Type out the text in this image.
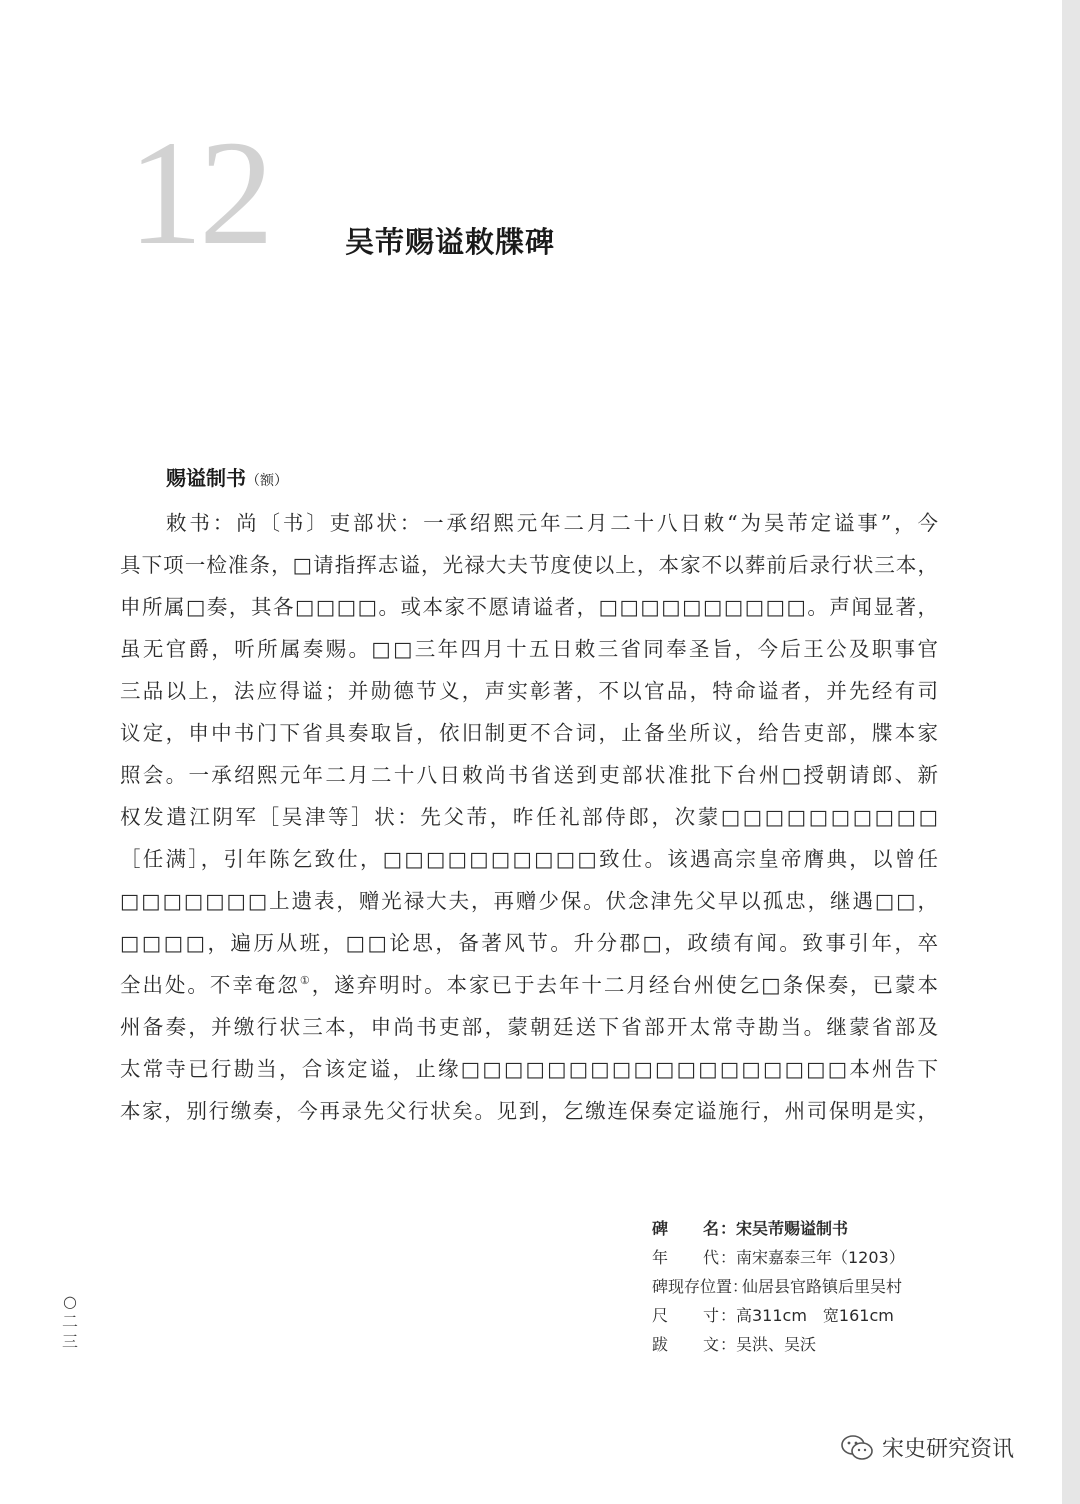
12	吴芾赐谥敕牒碑
赐谥制书（额）
敕书：尚〔书〕吏部状：一承绍熙元年二月二十八日敕“为吴芾定谥事”，今
具下项一检准条，□请指挥志谥，光禄大夫节度使以上，本家不以葬前后录行状三本，
申所属□奏，其各□□□□。或本家不愿请谥者，□□□□□□□□□□。声闻显著，
虽无官爵，听所属奏赐。□□三年四月十五日敕三省同奉圣旨，今后王公及职事官
三品以上，法应得谥；并勋德节义，声实彰著，不以官品，特命谥者，并先经有司
议定，申中书门下省具奏取旨，依旧制更不合词，止备坐所议，给告吏部，牒本家
照会。一承绍熙元年二月二十八日敕尚书省送到吏部状准批下台州□授朝请郎、新
权发遣江阴军［吴津等］状：先父芾，昨任礼部侍郎，次蒙□□□□□□□□□□
［任满］，引年陈乞致仕，□□□□□□□□□□致仕。该遇高宗皇帝膺典，以曾任
□□□□□□□上遗表，赠光禄大夫，再赠少保。伏念津先父早以孤忠，继遇□□，
□□□□，遍历从班，□□论思，备著风节。升分郡□，政绩有闻。致事引年，卒
全出处。不幸奄忽①，遂弃明时。本家已于去年十二月经台州使乞□条保奏，已蒙本
州备奏，并缴行状三本，申尚书吏部，蒙朝廷送下省部开太常寺勘当。继蒙省部及
太常寺已行勘当，合该定谥，止缘□□□□□□□□□□□□□□□□□□本州告下
本家，别行缴奏，今再录先父行状矣。见到，乞缴连保奏定谥施行，州司保明是实，
碑　　名：宋吴芾赐谥制书
年　　代：南宋嘉泰三年（1203）
碑现存位置：仙居县官路镇后里吴村
尺　　寸：高311cm　宽161cm
跋　　文：吴洪、吴沃
○
二
三
宋史研究资讯
